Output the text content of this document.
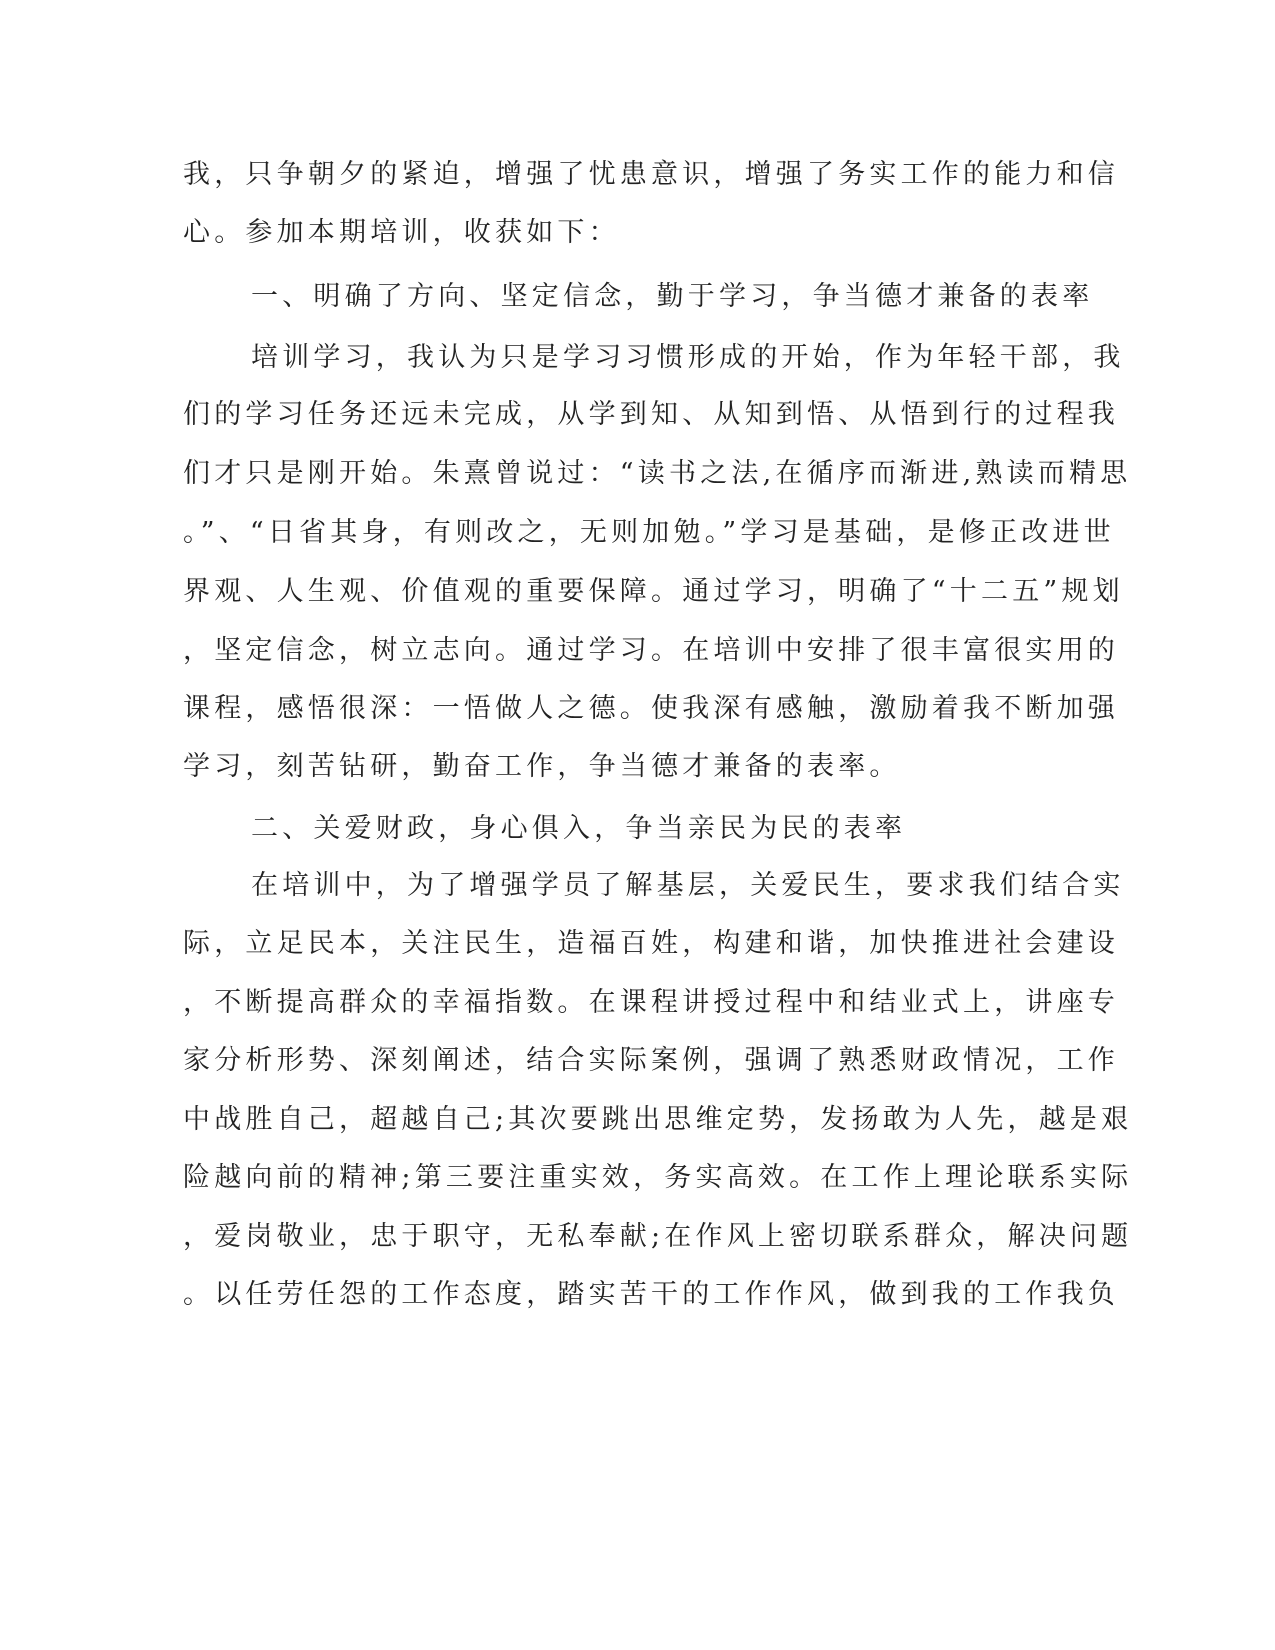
我，只争朝夕的紧迫，增强了忧患意识，增强了务实工作的能力和信
心。参加本期培训，收获如下：
一、明确了方向、坚定信念，勤于学习，争当德才兼备的表率
培训学习，我认为只是学习习惯形成的开始，作为年轻干部，我
们的学习任务还远未完成，从学到知、从知到悟、从悟到行的过程我
们才只是刚开始。朱熹曾说过：“读书之法,在循序而渐进,熟读而精思
。”、“日省其身，有则改之，无则加勉。”学习是基础，是修正改进世
界观、人生观、价值观的重要保障。通过学习，明确了“十二五”规划
，坚定信念，树立志向。通过学习。在培训中安排了很丰富很实用的
课程，感悟很深：一悟做人之德。使我深有感触，激励着我不断加强
学习，刻苦钻研，勤奋工作，争当德才兼备的表率。
二、关爱财政，身心俱入，争当亲民为民的表率
在培训中，为了增强学员了解基层，关爱民生，要求我们结合实
际，立足民本，关注民生，造福百姓，构建和谐，加快推进社会建设
，不断提高群众的幸福指数。在课程讲授过程中和结业式上，讲座专
家分析形势、深刻阐述，结合实际案例，强调了熟悉财政情况，工作
中战胜自己，超越自己;其次要跳出思维定势，发扬敢为人先，越是艰
险越向前的精神;第三要注重实效，务实高效。在工作上理论联系实际
，爱岗敬业，忠于职守，无私奉献;在作风上密切联系群众，解决问题
。以任劳任怨的工作态度，踏实苦干的工作作风，做到我的工作我负
